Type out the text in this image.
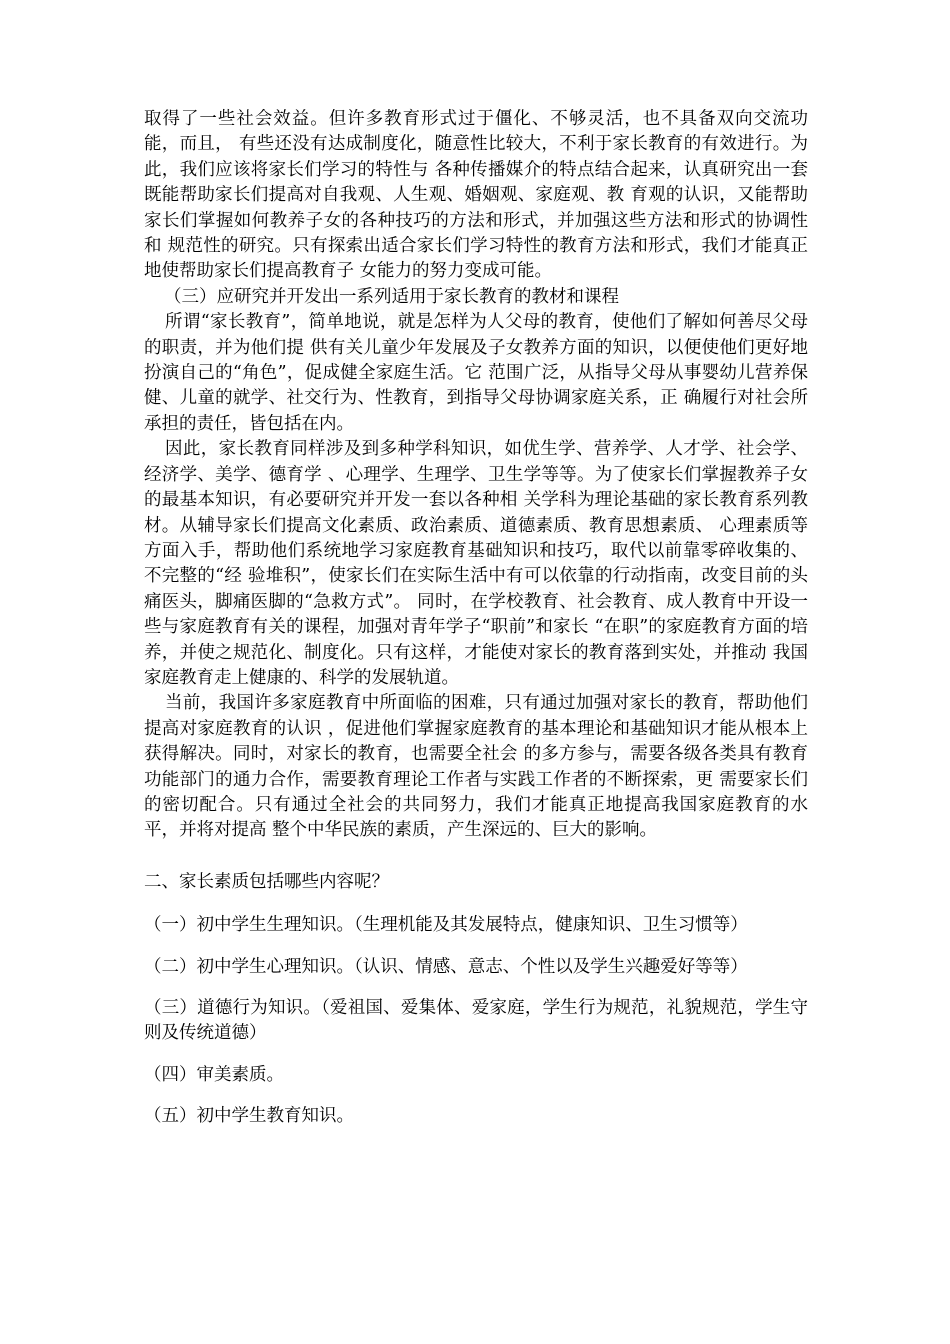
取得了一些社会效益。但许多教育形式过于僵化、不够灵活，也不具备双向交流功能，而且， 有些还没有达成制度化，随意性比较大，不利于家长教育的有效进行。为此，我们应该将家长们学习的特性与 各种传播媒介的特点结合起来，认真研究出一套既能帮助家长们提高对自我观、人生观、婚姻观、家庭观、教 育观的认识，又能帮助家长们掌握如何教养子女的各种技巧的方法和形式，并加强这些方法和形式的协调性和 规范性的研究。只有探索出适合家长们学习特性的教育方法和形式，我们才能真正地使帮助家长们提高教育子 女能力的努力变成可能。

（三）应研究并开发出一系列适用于家长教育的教材和课程

所谓“家长教育”，简单地说，就是怎样为人父母的教育，使他们了解如何善尽父母的职责，并为他们提 供有关儿童少年发展及子女教养方面的知识，以便使他们更好地扮演自己的“角色”，促成健全家庭生活。它 范围广泛，从指导父母从事婴幼儿营养保健、儿童的就学、社交行为、性教育，到指导父母协调家庭关系，正 确履行对社会所承担的责任，皆包括在内。

因此，家长教育同样涉及到多种学科知识，如优生学、营养学、人才学、社会学、经济学、美学、德育学 、心理学、生理学、卫生学等等。为了使家长们掌握教养子女的最基本知识，有必要研究并开发一套以各种相 关学科为理论基础的家长教育系列教材。从辅导家长们提高文化素质、政治素质、道德素质、教育思想素质、 心理素质等方面入手，帮助他们系统地学习家庭教育基础知识和技巧，取代以前靠零碎收集的、不完整的“经 验堆积”，使家长们在实际生活中有可以依靠的行动指南，改变目前的头痛医头，脚痛医脚的“急救方式”。 同时，在学校教育、社会教育、成人教育中开设一些与家庭教育有关的课程，加强对青年学子“职前”和家长 “在职”的家庭教育方面的培养，并使之规范化、制度化。只有这样，才能使对家长的教育落到实处，并推动 我国家庭教育走上健康的、科学的发展轨道。

当前，我国许多家庭教育中所面临的困难，只有通过加强对家长的教育，帮助他们提高对家庭教育的认识 ，促进他们掌握家庭教育的基本理论和基础知识才能从根本上获得解决。同时，对家长的教育，也需要全社会 的多方参与，需要各级各类具有教育功能部门的通力合作，需要教育理论工作者与实践工作者的不断探索，更 需要家长们的密切配合。只有通过全社会的共同努力，我们才能真正地提高我国家庭教育的水平，并将对提高 整个中华民族的素质，产生深远的、巨大的影响。

二、家长素质包括哪些内容呢？

（一）初中学生生理知识。（生理机能及其发展特点，健康知识、卫生习惯等）

（二）初中学生心理知识。（认识、情感、意志、个性以及学生兴趣爱好等等）

（三）道德行为知识。（爱祖国、爱集体、爱家庭，学生行为规范，礼貌规范，学生守则及传统道德）

（四）审美素质。

（五）初中学生教育知识。
